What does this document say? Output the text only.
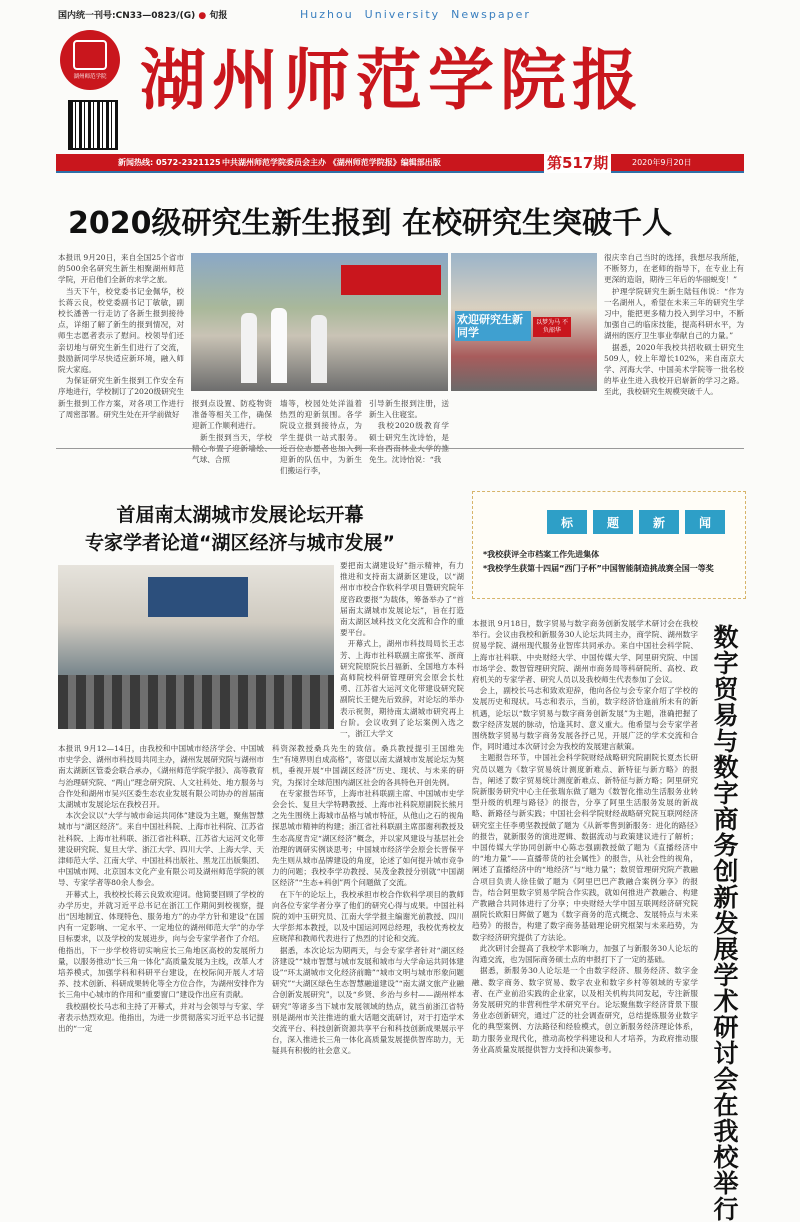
国内统一刊号:CN33—0823/(G) ● 旬报	Huzhou  University  Newspaper
湖州师范学院 湖州师范学院报
新闻热线: 0572-2321125 中共湖州师范学院委员会主办 《湖州师范学院报》编辑部出版	第517期	2020年9月20日
2020级研究生新生报到 在校研究生突破千人
本报讯 9月20日，来自全国25个省市的500余名研究生新生相聚湖州师范学院，开启他们全新的求学之旅。
　当天下午，校党委书记金佩华，校长蒋云良，校党委副书记丁敏敏，副校长潘善一行走访了各新生报到接待点，详细了解了新生的报到情况，对师生志愿者表示了慰问。校领导们还亲切地与研究生新生们进行了交流，鼓励新同学尽快适应新环境，融入师院大家庭。
　为保证研究生新生报到工作安全有序地进行，学校制订了2020级研究生新生报到工作方案，对各项工作进行了周密部署。研究生处在开学前做好
欢迎研究生新同学
以梦为马 不负韶华
报到点设置、防疫物资准备等相关工作，确保迎新工作顺利进行。
　新生报到当天，学校 气球、合照
墙等，校园处处洋溢着热烈的迎新氛围。各学院设立报到接待点，为学生提供一站式服务。 迎新的队伍中，为新生们搬运行李，
引导新生报到注册，送新生入住寝室。
　我校2020级教育学硕士研究生沈诗怡，是 免生。沈诗怡说：“我
很庆幸自己当时的选择，我想尽我所能，不断努力，在老师的指导下，在专业上有更深的造诣，期待三年后的华丽蜕变！”
　护理学院研究生新生陆钰伟说：“作为一名湖州人，希望在未来三年的研究生学习中，能把更多精力投入到学习中，不断加强自己的临床技能，提高科研水平，为湖州的医疗卫生事业奉献自己的力量。”
　据悉，2020年我校共招收硕士研究生509人，较上年增长102%，来自南京大学、河海大学、中国美术学院等一批名校的毕业生进入我校开启崭新的学习之路。至此，我校研究生规模突破千人。
首届南太湖城市发展论坛开幕
专家学者论道“湖区经济与城市发展”
要把南太湖建设好”指示精神，有力推进和支持南太湖新区建设，以“湖州市市校合作软科学项目暨研究院年度咨政要报”为载体，筹备举办了“首届南太湖城市发展论坛”，旨在打造南太湖区域科技文化交流和合作的重要平台。
　开幕式上，湖州市科技局局长王志芳、上海市社科联副主席张军、浙商研究院原院长吕福新、全国地方本科高师院校科研管理研究会原会长杜勇、江苏省大运河文化带建设研究院副院长王健先后致辞，对论坛的举办表示祝贺，期待南太湖城市研究再上台阶。会议收到了论坛案例入选之一，浙江大学文
本报讯 9月12—14日，由我校和中国城市经济学会、中国城市史学会、湖州市科技局共同主办，湖州发展研究院与湖州市南太湖新区管委会联合承办，《湖州师范学院学报》、高等教育与治理研究院、“两山”理念研究院、人文社科处、地方服务与合作处和湖州市吴兴区委生态农业发展有限公司协办的首届南太湖城市发展论坛在我校召开。
　本次会议以“大学与城市命运共同体”建设为主题，聚焦智慧城市与“湖区经济”。来自中国社科院、上海市社科院、江苏省社科院、上海市社科联、浙江省社科联、江苏省大运河文化带建设研究院、复旦大学、浙江大学、四川大学、上海大学、天津师范大学、江南大学、中国社科出版社、黑龙江出版集团、中国城市网、北京国本文化产业有限公司及湖州师范学院的领导、专家学者等80余人参会。
　开幕式上，我校校长蒋云良致欢迎词。他简要回顾了学校的办学历史，并就习近平总书记在浙江工作期间到校视察，提出“因地制宜、体现特色、服务地方”的办学方针和建设“在国内有一定影响、一定水平、一定地位的湖州师范大学”的办学目标要求，以及学校的发展进步，向与会专家学者作了介绍。他指出，下一步学校将切实响应长三角地区高校的发展所力量，以服务推动“长三角一体化”高质量发展为主线，改革人才培养模式，加强学科和科研平台建设，在校际间开展人才培养、技术创新、科研成果转化等全方位合作，为湖州安排作为长三角中心城市的作用和“重要窗口”建设作出应有贡献。
　我校副校长马志和主持了开幕式，并对与会领导与专家、学者表示热烈欢迎。他指出，为进一步贯彻落实习近平总书记提出的“一定
科资深教授桑兵先生的致信。桑兵教授提引王国维先生“有境界则自成高格”，寄望以南太湖城市发展论坛为契机，垂视开展“中国湖区经济”历史、现状、与未来的研究，为探讨全球范围内湖区社会的各具特色开创先例。
　在专家报告环节，上海市社科联副主席、中国城市史学会会长、复旦大学特聘教授、上海市社科院原副院长熊月之先生围绕上海城市品格与城市特征，从他山之石的视角探思城市精神的构建；浙江省社科联副主席邵谢利教授及生态高度肯定“湖区经济”概念，并以家风建设与基层社会治理的调研实例谈思考；中国城市经济学会原会长晋保平先生则从城市品牌建设的角度，论述了如何提升城市竞争力的问题；我校李学功教授、吴茂金教授分别就“中国湖区经济”“生态+科创”两个问题做了交流。
　在下午的论坛上，我校承担市校合作软科学项目的教师向各位专家学者分享了他们的研究心得与成果。中国社科院的刘中玉研究员、江南大学学报主编谢光前教授、四川大学彭邦本教授，以及中国运河网总经理，我校优秀校友应晓萍和教师代表进行了热烈的讨论和交流。
　据悉，本次论坛为期两天，与会专家学者针对“湖区经济建设”“城市智慧与城市发展和城市与大学命运共同体建设”“环太湖城市文化经济前瞻”“城市文明与城市形象问题研究”“大湖区绿色生态智慧融道建设”“南太湖文旅产业融合创新发展研究”，以及“乡贤、乡治与乡村——湖州样本研究”等诸多当下城市发展领域的热点，就当前浙江省特别是湖州市关注推进的重大话题交流研讨，对于打造学术交流平台、科技创新资源共享平台和科技创新成果展示平台，深入推进长三角一体化高质量发展提供智库助力，无疑具有积极的社会意义。
标	题	新	闻
*我校获评全市档案工作先进集体
*我校学生获第十四届“西门子杯”中国智能制造挑战赛全国一等奖
本报讯 9月18日，数字贸易与数字商务创新发展学术研讨会在我校举行。会议由我校和新服务30人论坛共同主办，商学院、湖州数字贸易学院、湖州现代服务业智库共同承办。来自中国社会科学院、上海市社科联、中央财经大学、中国传媒大学、阿里研究院、中国市场学会、数智管理研究院、湖州市商务局等科研院所、高校、政府机关的专家学者、研究人员以及我校师生代表参加了会议。
　会上，副校长马志和致欢迎辞，他向各位与会专家介绍了学校的发展历史和现状。马志和表示，当前，数字经济恰逢前所未有的新机遇，论坛以“数字贸易与数字商务创新发展”为主题，准确把握了数字经济发展的脉动，恰逢其时、意义重大。他希望与会专家学者围绕数字贸易与数字商务发展各抒己见，开展广泛的学术交流和合作，同时通过本次研讨会为我校的发展建言献策。
　主题报告环节，中国社会科学院财经战略研究院副院长夏杰长研究员以题为《数字贸易统计测度新难点、新特征与新方略》的报告，阐述了数字贸易统计测度新难点、新特征与新方略；阿里研究院新服务研究中心主任张瑞东做了题为《数智化推动生活服务业转型升级的机理与路径》的报告，分享了阿里生活服务发展的新战略、新路径与新实践；中国社会科学院财经战略研究院互联网经济研究室主任李勇坚教授做了题为《从新零售到新服务：进化的路径》的报告，就新服务的演进逻辑、数据流动与政策建议进行了解析；中国传媒大学协同创新中心陈志强副教授做了题为《直播经济中的“地力量”——直播带货的社会属性》的报告，从社会性的视角，阐述了直播经济中的“地经济”与“地力量”；数贸管理研究院产教融合项目负责人徐佳做了题为《阿里巴巴产教融合案例分享》的报告，结合阿里数字贸易学院合作实践，就如何推进产教融合、构建产教融合共同体进行了分享；中央财经大学中国互联网经济研究院副院长欧阳日辉做了题为《数字商务的范式概念、发展特点与未来趋势》的报告，构建了数字商务基础理论研究框架与未来趋势，为数字经济研究提供了方法论。
　此次研讨会提高了我校学术影响力，加强了与新服务30人论坛的沟通交流，也为国际商务硕士点的申报打下了一定的基础。
　据悉，新服务30人论坛是一个由数字经济、服务经济、数字金融、数字商务、数字贸易、数字农业和数字乡村等领域的专家学者、在产业前沿实践的企业家，以及相关机构共同发起，专注新服务发展研究的非营利性学术研究平台。论坛聚焦数字经济背景下服务业态创新研究，通过广泛的社会调查研究，总结提炼服务业数字化的典型案例、方法路径和经验模式，创立新服务经济理论体系，助力服务业现代化，推动高校学科建设和人才培养，为政府推动服务业高质量发展提供智力支持和决策参考。	数字贸易与数字商务创新发展学术研讨会在我校举行
